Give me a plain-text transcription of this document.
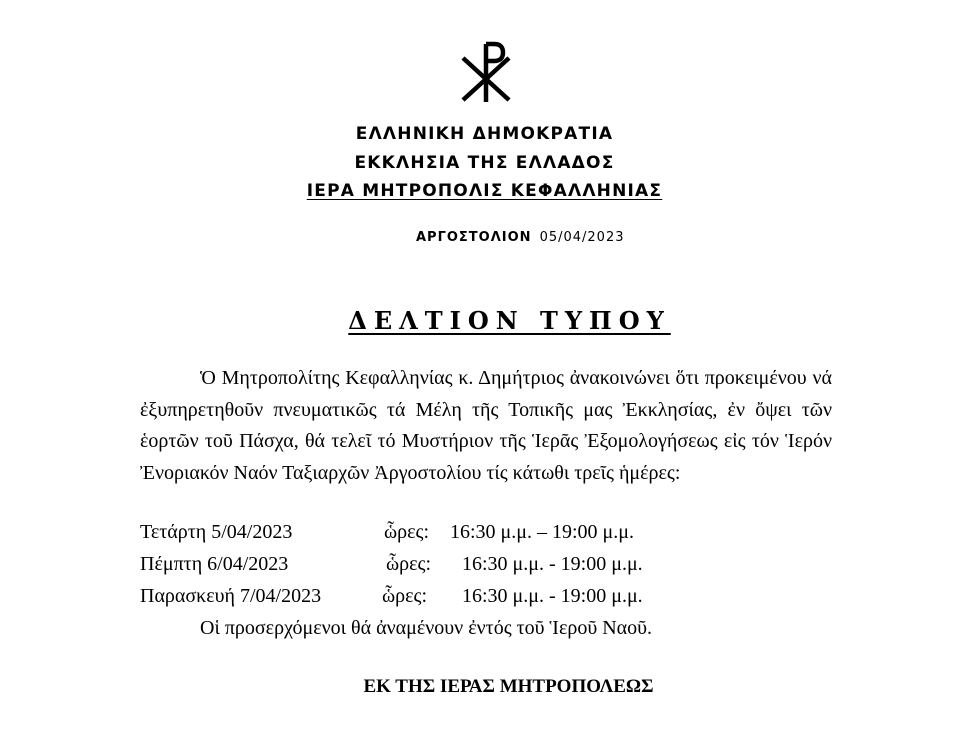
ΕΛΛΗΝΙΚΗ ΔΗΜΟΚΡΑΤΙΑ

ΕΚΚΛΗΣΙΑ ΤΗΣ ΕΛΛΑΔΟΣ

ΙΕΡΑ ΜΗΤΡΟΠΟΛΙΣ ΚΕΦΑΛΛΗΝΙΑΣ

ΑΡΓΟΣΤΟΛΙΟΝ 05/04/2023

ΔΕΛΤΙΟΝ ΤΥΠΟΥ

Ὁ Μητροπολίτης Κεφαλληνίας κ. Δημήτριος ἀνακοινώνει ὅτι προκειμένου νά ἐξυπηρετηθοῦν πνευματικῶς τά Μέλη τῆς Τοπικῆς μας Ἐκκλησίας, ἐν ὄψει τῶν ἑορτῶν τοῦ Πάσχα, θά τελεῖ τό Μυστήριον τῆς Ἱερᾶς Ἐξομολογήσεως εἰς τόν Ἱερόν Ἐνοριακόν Ναόν Ταξιαρχῶν Ἀργοστολίου τίς κάτωθι τρεῖς ἡμέρες:

Τετάρτη 5/04/2023	ὧρες: 16:30 μ.μ. – 19:00 μ.μ.
Πέμπτη 6/04/2023	ὧρες: 16:30 μ.μ. - 19:00 μ.μ.
Παρασκευή 7/04/2023	ὧρες: 16:30 μ.μ. - 19:00 μ.μ.
Οἱ προσερχόμενοι θά ἀναμένουν ἐντός τοῦ Ἱεροῦ Ναοῦ.

ΕΚ ΤΗΣ ΙΕΡΑΣ ΜΗΤΡΟΠΟΛΕΩΣ
